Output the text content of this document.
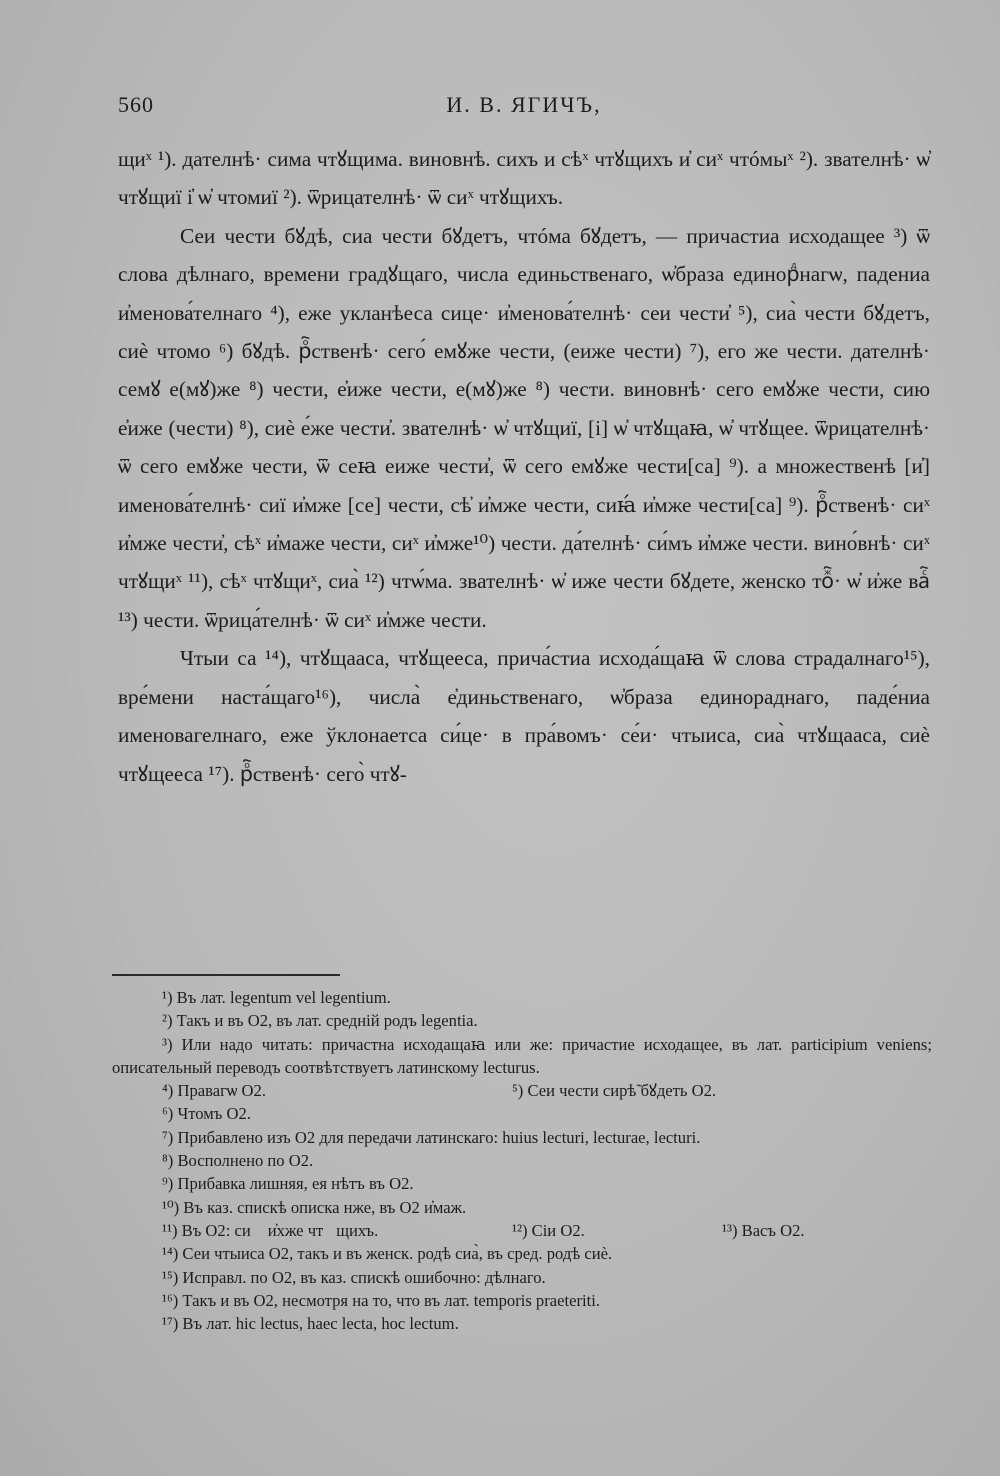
560	И. В. ЯГИЧЪ,

щиˣ ¹). дателнѣ· сима чтꙋщима. виновнѣ. сихъ и сѣˣ чтꙋщихъ и̓ сиˣ чтóмыˣ ²). звателнѣ· ѡ҆ чтꙋщиї і̓ ѡ҆ чтомиї ²). ѿрицателнѣ· ѿ сиˣ чтꙋщихъ.

Сеи чести бꙋдѣ, сиа чести бꙋдетъ, чтóма бꙋдетъ, — причастиа исходащее ³) ѿ слова дѣлнаго, времени градꙋщаго, числа единьственаго, ѡ҆браза единорⷣнагѡ, падениа и̓менова́телнаго ⁴), еже укланѣеса сице· и̓менова́телнѣ· сеи чести̓ ⁵), сиа̀ чести бꙋдетъ, сиѐ чтомо ⁶) бꙋдѣ. рⷪ҇ственѣ· сего́ емꙋже чести, (еиже чести) ⁷), его же чести. дателнѣ· семꙋ е(мꙋ)же ⁸) чести, е̓иже чести, е(мꙋ)же ⁸) чести. виновнѣ· сего емꙋже чести, сию е̓иже (чести) ⁸), сиѐ е́же чести̓. звателнѣ· ѡ҆ чтꙋщиї, [і] ѡ҆ чтꙋщаꙗ, ѡ҆ чтꙋщее. ѿрицателнѣ· ѿ сего емꙋже чести, ѿ сеꙗ еиже чести̓, ѿ сего емꙋже чести[са] ⁹). а множественѣ [и̓] именова́телнѣ· сиї и̓мже [се] чести, сѣ̓ и̓мже чести, сиꙗ́ и̓мже чести[са] ⁹). рⷪ҇ственѣ· сиˣ и̓мже чести̓, сѣˣ и̓маже чести, сиˣ и̓мже¹⁰) чести. да́телнѣ· си́мъ и̓мже чести. вино́внѣ· сиˣ чтꙋщиˣ ¹¹), сѣˣ чтꙋщиˣ, сиа̀ ¹²) чтѡ́ма. звателнѣ· ѡ҆ иже чести бꙋдете, женско тоⷤ҇· ѡ҆ и̓же ваⷭ҇ ¹³) чести. ѿрица́телнѣ· ѿ сиˣ и̓мже чести.

Чтыи са ¹⁴), чтꙋщааса, чтꙋщееса, прича́стиа исхода́щаꙗ ѿ слова страдалнаго¹⁵), вре́мени наста́щаго¹⁶), числа̀ е̓диньственаго, ѡ҆браза единораднаго, паде́ниа именовагелнаго, еже ўклонаетса си́це· в пра́вомъ· се́и· чтыиса, сиа̀ чтꙋщааса, сиѐ чтꙋщееса ¹⁷). рⷪ҇ственѣ· сего̀ чтꙋ-

¹) Въ лат. legentum vel legentium.

²) Такъ и въ О2, въ лат. средній родъ legentia.

³) Или надо читать: причастна исходащаꙗ или же: причастие исходащее, въ лат. participium veniens; описательный переводъ соотвѣтствуетъ латинскому lecturus.

⁴) Правагѡ О2.	⁵) Сеи чести сирѣ̃ бꙋдеть О2.

⁶) Чтомъ О2.

⁷) Прибавлено изъ О2 для передачи латинскаго: huius lecturi, lecturae, lecturi.

⁸) Восполнено по О2.

⁹) Прибавка лишняя, ея нѣтъ въ О2.

¹⁰) Въ каз. спискѣ описка нже, въ О2 и̓маж.

¹¹) Въ О2: сиⷯ и̓хже чтꙋщихъ.	¹²) Сіи О2.	¹³) Васъ О2.

¹⁴) Сеи чтыиса О2, такъ и въ женск. родѣ сиа̀, въ сред. родѣ сиѐ.

¹⁵) Исправл. по О2, въ каз. спискѣ ошибочно: дѣлнаго.

¹⁶) Такъ и въ О2, несмотря на то, что въ лат. temporis praeteriti.

¹⁷) Въ лат. hic lectus, haec lecta, hoc lectum.
